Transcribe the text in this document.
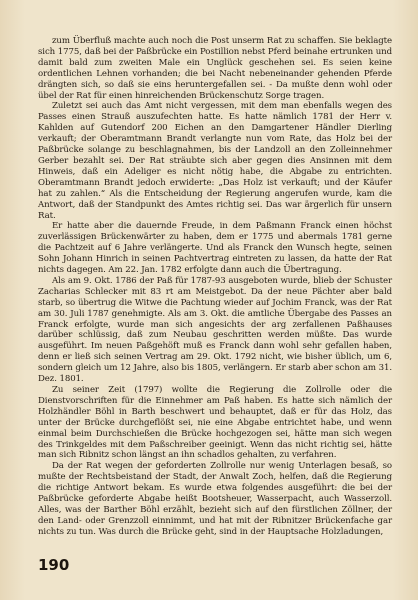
zum Überfluß machte auch noch die Post unserm Rat zu schaffen. Sie beklagte sich 1775, daß bei der Paßbrücke ein Postillion nebst Pferd beinahe ertrunken und damit bald zum zweiten Male ein Unglück geschehen sei. Es seien keine ordentlichen Lehnen vorhanden; die bei Nacht nebeneinander gehenden Pferde drängten sich, so daß sie eins heruntergefallen sei. - Da mußte denn wohl oder übel der Rat für einen hinreichenden Brückenschutz Sorge tragen.

Zuletzt sei auch das Amt nicht vergessen, mit dem man ebenfalls wegen des Passes einen Strauß auszufechten hatte. Es hatte nämlich 1781 der Herr v. Kahlden auf Gutendorf 200 Eichen an den Damgartener Händler Dierling verkauft; der Oberamtmann Brandt verlangte nun vom Rate, das Holz bei der Paßbrücke solange zu beschlagnahmen, bis der Landzoll an den Zolleinnehmer Gerber bezahlt sei. Der Rat sträubte sich aber gegen dies Ansinnen mit dem Hinweis, daß ein Adeliger es nicht nötig habe, die Abgabe zu entrichten. Oberamtmann Brandt jedoch erwiderte: „Das Holz ist verkauft; und der Käufer hat zu zahlen.“ Als die Entscheidung der Regierung angerufen wurde, kam die Antwort, daß der Standpunkt des Amtes richtig sei. Das war ärgerlich für unsern Rat.

Er hatte aber die dauernde Freude, in dem Paßmann Franck einen höchst zuverlässigen Brückenwärter zu haben, dem er 1775 und abermals 1781 gerne die Pachtzeit auf 6 Jahre verlängerte. Und als Franck den Wunsch hegte, seinen Sohn Johann Hinrich in seinen Pachtvertrag eintreten zu lassen, da hatte der Rat nichts dagegen. Am 22. Jan. 1782 erfolgte dann auch die Übertragung.

Als am 9. Okt. 1786 der Paß für 1787-93 ausgeboten wurde, blieb der Schuster Zacharias Schlecker mit 83 rt am Meistgebot. Da der neue Pächter aber bald starb, so übertrug die Witwe die Pachtung wieder auf Jochim Franck, was der Rat am 30. Juli 1787 genehmigte. Als am 3. Okt. die amtliche Übergabe des Passes an Franck erfolgte, wurde man sich angesichts der arg zerfallenen Paßhauses darüber schlüssig, daß zum Neubau geschritten werden müßte. Das wurde ausgeführt. Im neuen Paßgehöft muß es Franck dann wohl sehr gefallen haben, denn er ließ sich seinen Vertrag am 29. Okt. 1792 nicht, wie bisher üblich, um 6, sondern gleich um 12 Jahre, also bis 1805, verlängern. Er starb aber schon am 31. Dez. 1801.

Zu seiner Zeit (1797) wollte die Regierung die Zollrolle oder die Dienstvorschriften für die Einnehmer am Paß haben. Es hatte sich nämlich der Holzhändler Böhl in Barth beschwert und behauptet, daß er für das Holz, das unter der Brücke durchgeflößt sei, nie eine Abgabe entrichtet habe, und wenn einmal beim Durchschießen die Brücke hochgezogen sei, hätte man sich wegen des Trinkgeldes mit dem Paßschreiber geeinigt. Wenn das nicht richtig sei, hätte man sich Ribnitz schon längst an ihn schadlos gehalten, zu verfahren.

Da der Rat wegen der geforderten Zollrolle nur wenig Unterlagen besaß, so mußte der Rechtsbeistand der Stadt, der Anwalt Zoch, helfen, daß die Regierung die richtige Antwort bekam. Es wurde etwa folgendes ausgeführt: die bei der Paßbrücke geforderte Abgabe heißt Bootsheuer, Wasserpacht, auch Wasserzoll. Alles, was der Barther Böhl erzählt, bezieht sich auf den fürstlichen Zöllner, der den Land- oder Grenzzoll einnimmt, und hat mit der Ribnitzer Brückenfache gar nichts zu tun. Was durch die Brücke geht, sind in der Hauptsache Holzladungen,

190
